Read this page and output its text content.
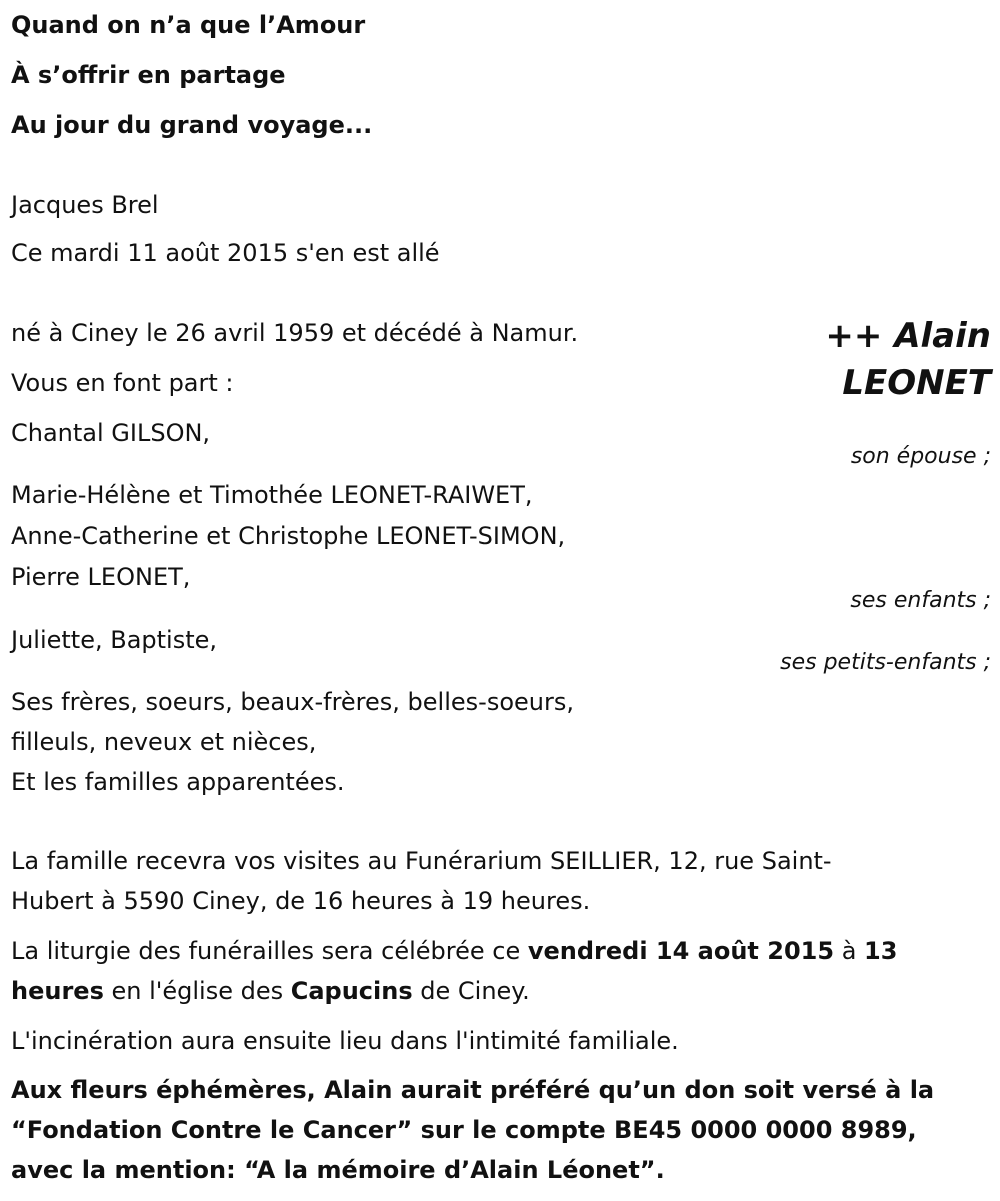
Quand on n’a que l’Amour
À s’offrir en partage
Au jour du grand voyage...
Jacques Brel
Ce mardi 11 août 2015 s'en est allé
++ Alain
LEONET
né à Ciney le 26 avril 1959 et décédé à Namur.
Vous en font part :
Chantal GILSON,
son épouse ;
Marie-Hélène et Timothée LEONET-RAIWET,
Anne-Catherine et Christophe LEONET-SIMON,
Pierre LEONET,
ses enfants ;
Juliette, Baptiste,
ses petits-enfants ;
Ses frères, soeurs, beaux-frères, belles-soeurs,
filleuls, neveux et nièces,
Et les familles apparentées.
La famille recevra vos visites au Funérarium SEILLIER, 12, rue Saint-
Hubert à 5590 Ciney, de 16 heures à 19 heures.
La liturgie des funérailles sera célébrée ce vendredi 14 août 2015 à 13
heures en l'église des Capucins de Ciney.
L'incinération aura ensuite lieu dans l'intimité familiale.
Aux fleurs éphémères, Alain aurait préféré qu’un don soit versé à la
“Fondation Contre le Cancer” sur le compte BE45 0000 0000 8989,
avec la mention: “A la mémoire d’Alain Léonet”.
